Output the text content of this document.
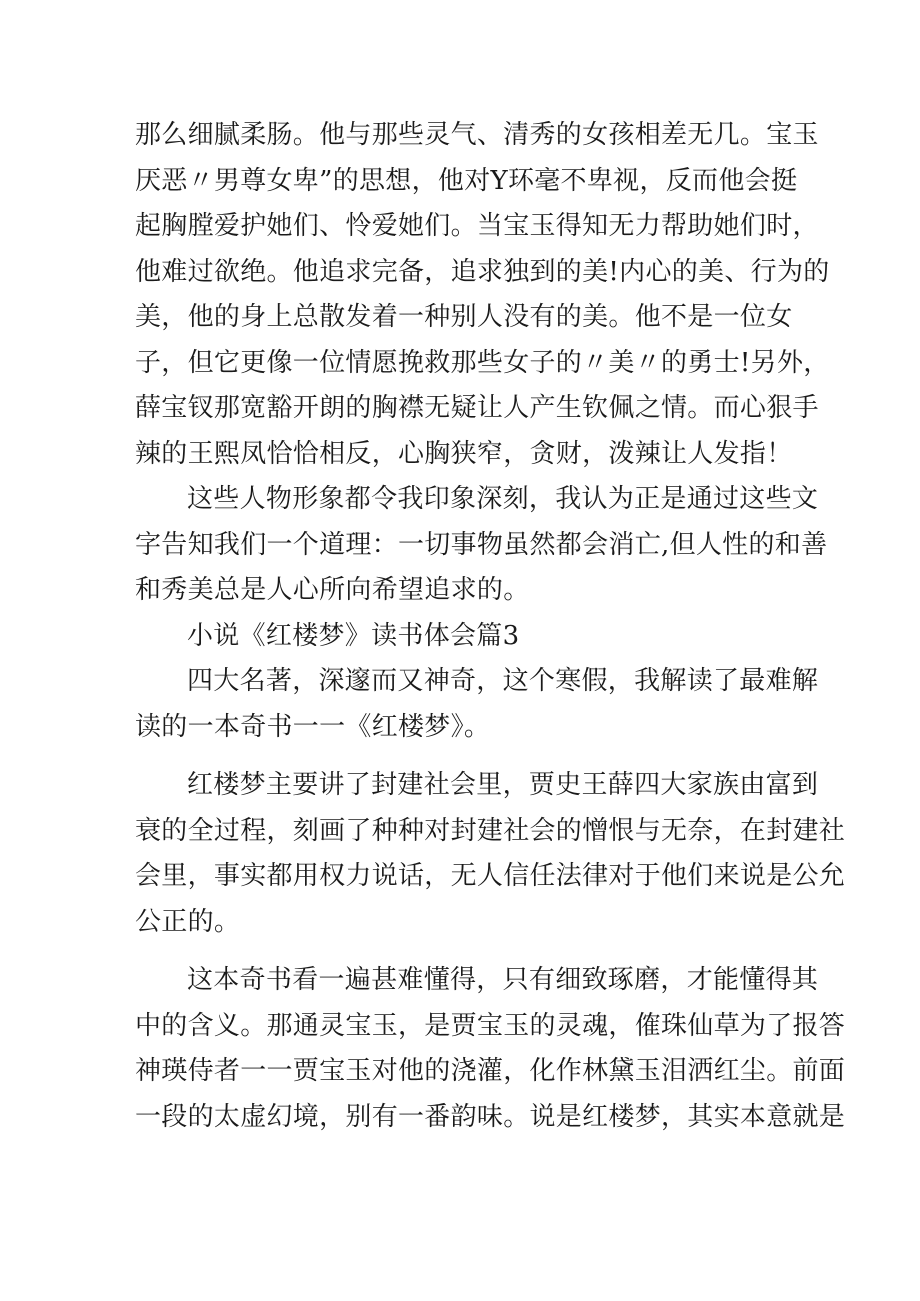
那么细腻柔肠。他与那些灵气、清秀的女孩相差无几。宝玉
厌恶〃男尊女卑”的思想，他对Y环毫不卑视，反而他会挺
起胸膛爱护她们、怜爱她们。当宝玉得知无力帮助她们时，
他难过欲绝。他追求完备，追求独到的美!内心的美、行为的
美，他的身上总散发着一种别人没有的美。他不是一位女
子，但它更像一位情愿挽救那些女子的〃美〃的勇士!另外，
薛宝钗那宽豁开朗的胸襟无疑让人产生钦佩之情。而心狠手
辣的王熙凤恰恰相反，心胸狭窄，贪财，泼辣让人发指！
这些人物形象都令我印象深刻，我认为正是通过这些文
字告知我们一个道理：一切事物虽然都会消亡,但人性的和善
和秀美总是人心所向希望追求的。
小说《红楼梦》读书体会篇3
四大名著，深邃而又神奇，这个寒假，我解读了最难解
读的一本奇书一一《红楼梦》。
红楼梦主要讲了封建社会里，贾史王薛四大家族由富到
衰的全过程，刻画了种种对封建社会的憎恨与无奈，在封建社
会里，事实都用权力说话，无人信任法律对于他们来说是公允
公正的。
这本奇书看一遍甚难懂得，只有细致琢磨，才能懂得其
中的含义。那通灵宝玉，是贾宝玉的灵魂，傕珠仙草为了报答
神瑛侍者一一贾宝玉对他的浇灌，化作林黛玉泪洒红尘。前面
一段的太虚幻境，别有一番韵味。说是红楼梦，其实本意就是
